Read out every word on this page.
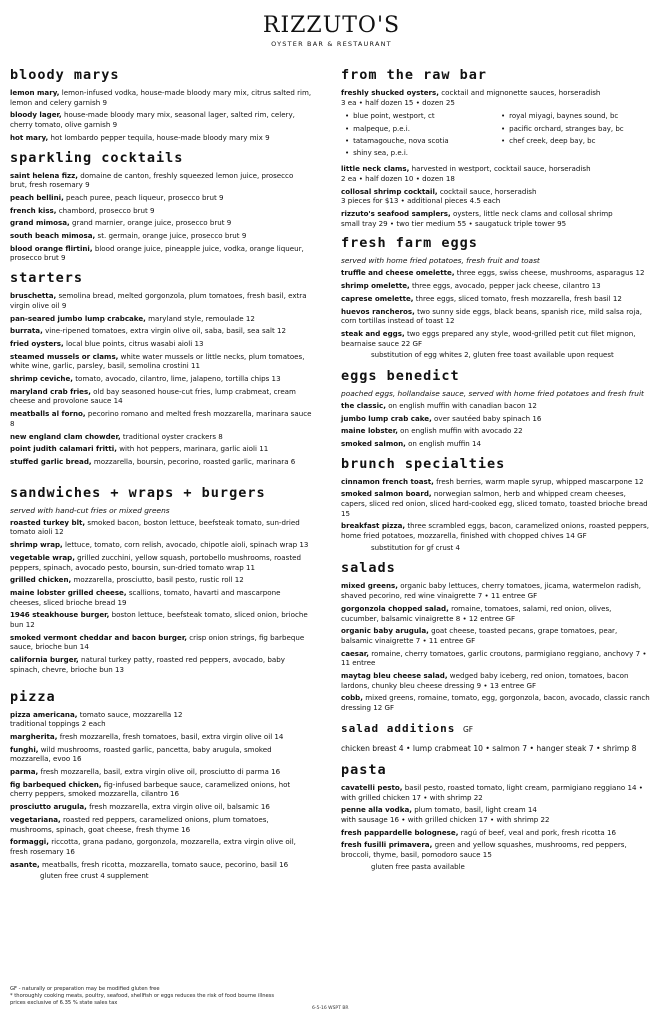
RIZZUTO'S
OYSTER BAR & RESTAURANT
bloody marys
lemon mary, lemon-infused vodka, house-made bloody mary mix, citrus salted rim, lemon and celery garnish 9
bloody lager, house-made bloody mary mix, seasonal lager, salted rim, celery, cherry tomato, olive garnish 9
hot mary, hot lombardo pepper tequila, house-made bloody mary mix 9
sparkling cocktails
saint helena fizz, domaine de canton, freshly squeezed lemon juice, prosecco brut, fresh rosemary 9
peach bellini, peach puree, peach liqueur, prosecco brut 9
french kiss, chambord, prosecco brut 9
grand mimosa, grand marnier, orange juice, prosecco brut 9
south beach mimosa, st. germain, orange juice, prosecco brut 9
blood orange flirtini, blood orange juice, pineapple juice, vodka, orange liqueur, prosecco brut 9
starters
bruschetta, semolina bread, melted gorgonzola, plum tomatoes, fresh basil, extra virgin olive oil 9
pan-seared jumbo lump crabcake, maryland style, remoulade 12
burrata, vine-ripened tomatoes, extra virgin olive oil, saba, basil, sea salt 12
fried oysters, local blue points, citrus wasabi aioli 13
steamed mussels or clams, white water mussels or little necks, plum tomatoes, white wine, garlic, parsley, basil, semolina crostini 11
shrimp ceviche, tomato, avocado, cilantro, lime, jalapeno, tortilla chips 13
maryland crab fries, old bay seasoned house-cut fries, lump crabmeat, cream cheese and provolone sauce 14
meatballs al forno, pecorino romano and melted fresh mozzarella, marinara sauce 8
new england clam chowder, traditional oyster crackers 8
point judith calamari fritti, with hot peppers, marinara, garlic aioli 11
stuffed garlic bread, mozzarella, boursin, pecorino, roasted garlic, marinara 6
sandwiches + wraps + burgers
served with hand-cut fries or mixed greens
roasted turkey blt, smoked bacon, boston lettuce, beefsteak tomato, sun-dried tomato aioli 12
shrimp wrap, lettuce, tomato, corn relish, avocado, chipotle aioli, spinach wrap 13
vegetable wrap, grilled zucchini, yellow squash, portobello mushrooms, roasted peppers, spinach, avocado pesto, boursin, sun-dried tomato wrap 11
grilled chicken, mozzarella, prosciutto, basil pesto, rustic roll 12
maine lobster grilled cheese, scallions, tomato, havarti and mascarpone cheeses, sliced brioche bread 19
1946 steakhouse burger, boston lettuce, beefsteak tomato, sliced onion, brioche bun 12
smoked vermont cheddar and bacon burger, crisp onion strings, fig barbeque sauce, brioche bun 14
california burger, natural turkey patty, roasted red peppers, avocado, baby spinach, chevre, brioche bun 13
pizza
pizza americana, tomato sauce, mozzarella 12
traditional toppings 2 each
margherita, fresh mozzarella, fresh tomatoes, basil, extra virgin olive oil 14
funghi, wild mushrooms, roasted garlic, pancetta, baby arugula, smoked mozzarella, evoo 16
parma, fresh mozzarella, basil, extra virgin olive oil, prosciutto di parma 16
fig barbequed chicken, fig-infused barbeque sauce, caramelized onions, hot cherry peppers, smoked mozzarella, cilantro 16
prosciutto arugula, fresh mozzarella, extra virgin olive oil, balsamic 16
vegetariana, roasted red peppers, caramelized onions, plum tomatoes, mushrooms, spinach, goat cheese, fresh thyme 16
formaggi, riccotta, grana padano, gorgonzola, mozzarella, extra virgin olive oil, fresh rosemary 16
asante, meatballs, fresh ricotta, mozzarella, tomato sauce, pecorino, basil 16
gluten free crust 4 supplement
from the raw bar
freshly shucked oysters, cocktail and mignonette sauces, horseradish
3 ea • half dozen 15 • dozen 25
• blue point, westport, ct	• royal miyagi, baynes sound, bc
• malpeque, p.e.i.	• pacific orchard, stranges bay, bc
• tatamagouche, nova scotia	• chef creek, deep bay, bc
• shiny sea, p.e.i.
little neck clams, harvested in westport, cocktail sauce, horseradish
2 ea • half dozen 10 • dozen 18
collosal shrimp cocktail, cocktail sauce, horseradish
3 pieces for $13 • additional pieces 4.5 each
rizzuto's seafood samplers, oysters, little neck clams and collosal shrimp
small tray 29 • two tier medium 55 • saugatuck triple tower 95
fresh farm eggs
served with home fried potatoes, fresh fruit and toast
truffle and cheese omelette, three eggs, swiss cheese, mushrooms, asparagus 12
shrimp omelette, three eggs, avocado, pepper jack cheese, cilantro 13
caprese omelette, three eggs, sliced tomato, fresh mozzarella, fresh basil 12
huevos rancheros, two sunny side eggs, black beans, spanish rice, mild salsa roja, corn tortillas instead of toast 12
steak and eggs, two eggs prepared any style, wood-grilled petit cut filet mignon, bearnaise sauce 22 GF
substitution of egg whites 2, gluten free toast available upon request
eggs benedict
poached eggs, hollandaise sauce, served with home fried potatoes and fresh fruit
the classic, on english muffin with canadian bacon 12
jumbo lump crab cake, over sautéed baby spinach 16
maine lobster, on english muffin with avocado 22
smoked salmon, on english muffin 14
brunch specialties
cinnamon french toast, fresh berries, warm maple syrup, whipped mascarpone 12
smoked salmon board, norwegian salmon, herb and whipped cream cheeses, capers, sliced red onion, sliced hard-cooked egg, sliced tomato, toasted brioche bread 15
breakfast pizza, three scrambled eggs, bacon, caramelized onions, roasted peppers, home fried potatoes, mozzarella, finished with chopped chives 14 GF
substitution for gf crust 4
salads
mixed greens, organic baby lettuces, cherry tomatoes, jicama, watermelon radish, shaved pecorino, red wine vinaigrette 7 • 11 entree GF
gorgonzola chopped salad, romaine, tomatoes, salami, red onion, olives, cucumber, balsamic vinaigrette 8 • 12 entree GF
organic baby arugula, goat cheese, toasted pecans, grape tomatoes, pear, balsamic vinaigrette 7 • 11 entree GF
caesar, romaine, cherry tomatoes, garlic croutons, parmigiano reggiano, anchovy 7 • 11 entree
maytag bleu cheese salad, wedged baby iceberg, red onion, tomatoes, bacon lardons, chunky bleu cheese dressing 9 • 13 entree GF
cobb, mixed greens, romaine, tomato, egg, gorgonzola, bacon, avocado, classic ranch dressing 12 GF
salad additions GF
chicken breast 4 • lump crabmeat 10 • salmon 7 • hanger steak 7 • shrimp 8
pasta
cavatelli pesto, basil pesto, roasted tomato, light cream, parmigiano reggiano 14 • with grilled chicken 17 • with shrimp 22
penne alla vodka, plum tomato, basil, light cream 14
with sausage 16 • with grilled chicken 17 • with shrimp 22
fresh pappardelle bolognese, ragú of beef, veal and pork, fresh ricotta 16
fresh fusilli primavera, green and yellow squashes, mushrooms, red peppers, broccoli, thyme, basil, pomodoro sauce 15
gluten free pasta available
GF - naturally or preparation may be modified gluten free
* thoroughly cooking meats, poultry, seafood, shellfish or eggs reduces the risk of food bourne illness
prices exclusive of 6.35 % state sales tax
6-5-16 WSPT BR
